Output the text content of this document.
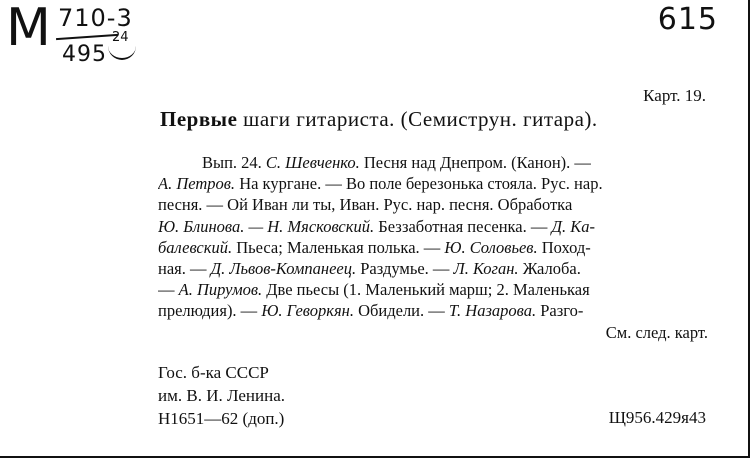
М 710-3
495
24
615
Карт. 19.
Первые шаги гитариста. (Семиструн. гитара).
Вып. 24. С. Шевченко. Песня над Днепром. (Канон). —
А. Петров. На кургане. — Во поле березонька стояла. Рус. нар.
песня. — Ой Иван ли ты, Иван. Рус. нар. песня. Обработка
Ю. Блинова. — Н. Мясковский. Беззаботная песенка. — Д. Ка-
балевский. Пьеса; Маленькая полька. — Ю. Соловьев. Поход-
ная. — Д. Львов-Компанеец. Раздумье. — Л. Коган. Жалоба.
— А. Пирумов. Две пьесы (1. Маленький марш; 2. Маленькая
прелюдия). — Ю. Геворкян. Обидели. — Т. Назарова. Разго-
См. след. карт.
Гос. б-ка СССР
им. В. И. Ленина.
Н1651—62 (доп.)	Щ956.429я43
